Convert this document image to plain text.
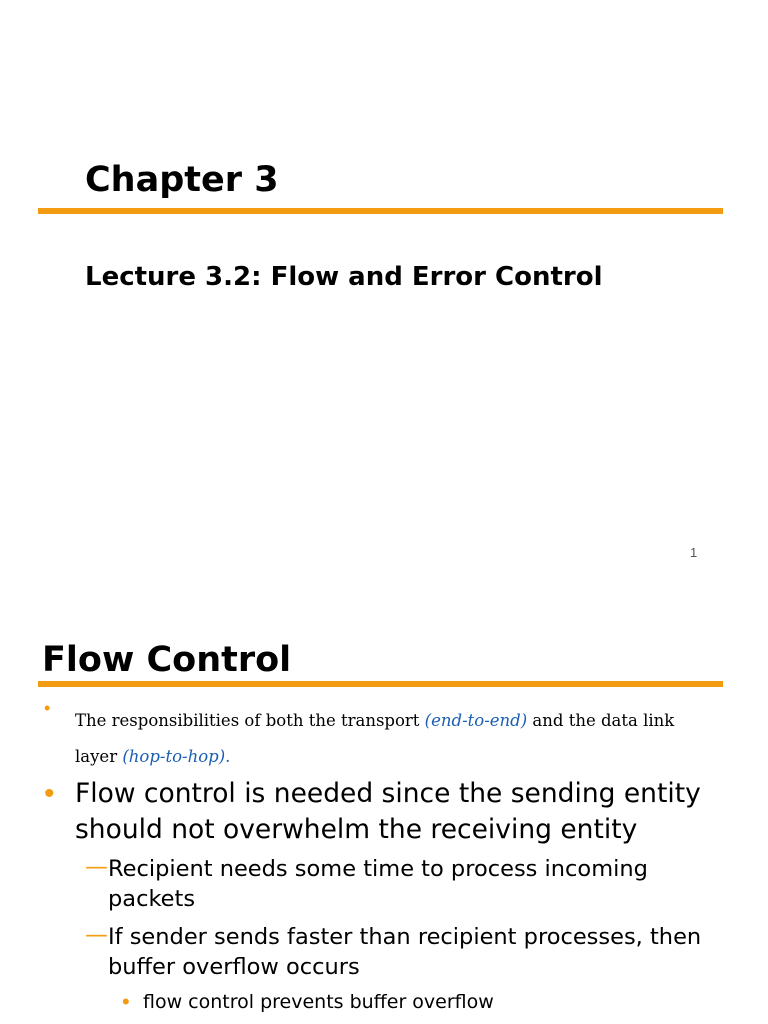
Chapter 3
Lecture 3.2: Flow and Error Control
1
Flow Control
•
The responsibilities of both the transport (end-to-end) and the data link
layer (hop-to-hop).
• Flow control is needed since the sending entity
should not overwhelm the receiving entity
— Recipient needs some time to process incoming
packets
— If sender sends faster than recipient processes, then
buffer overflow occurs
• flow control prevents buffer overflow
